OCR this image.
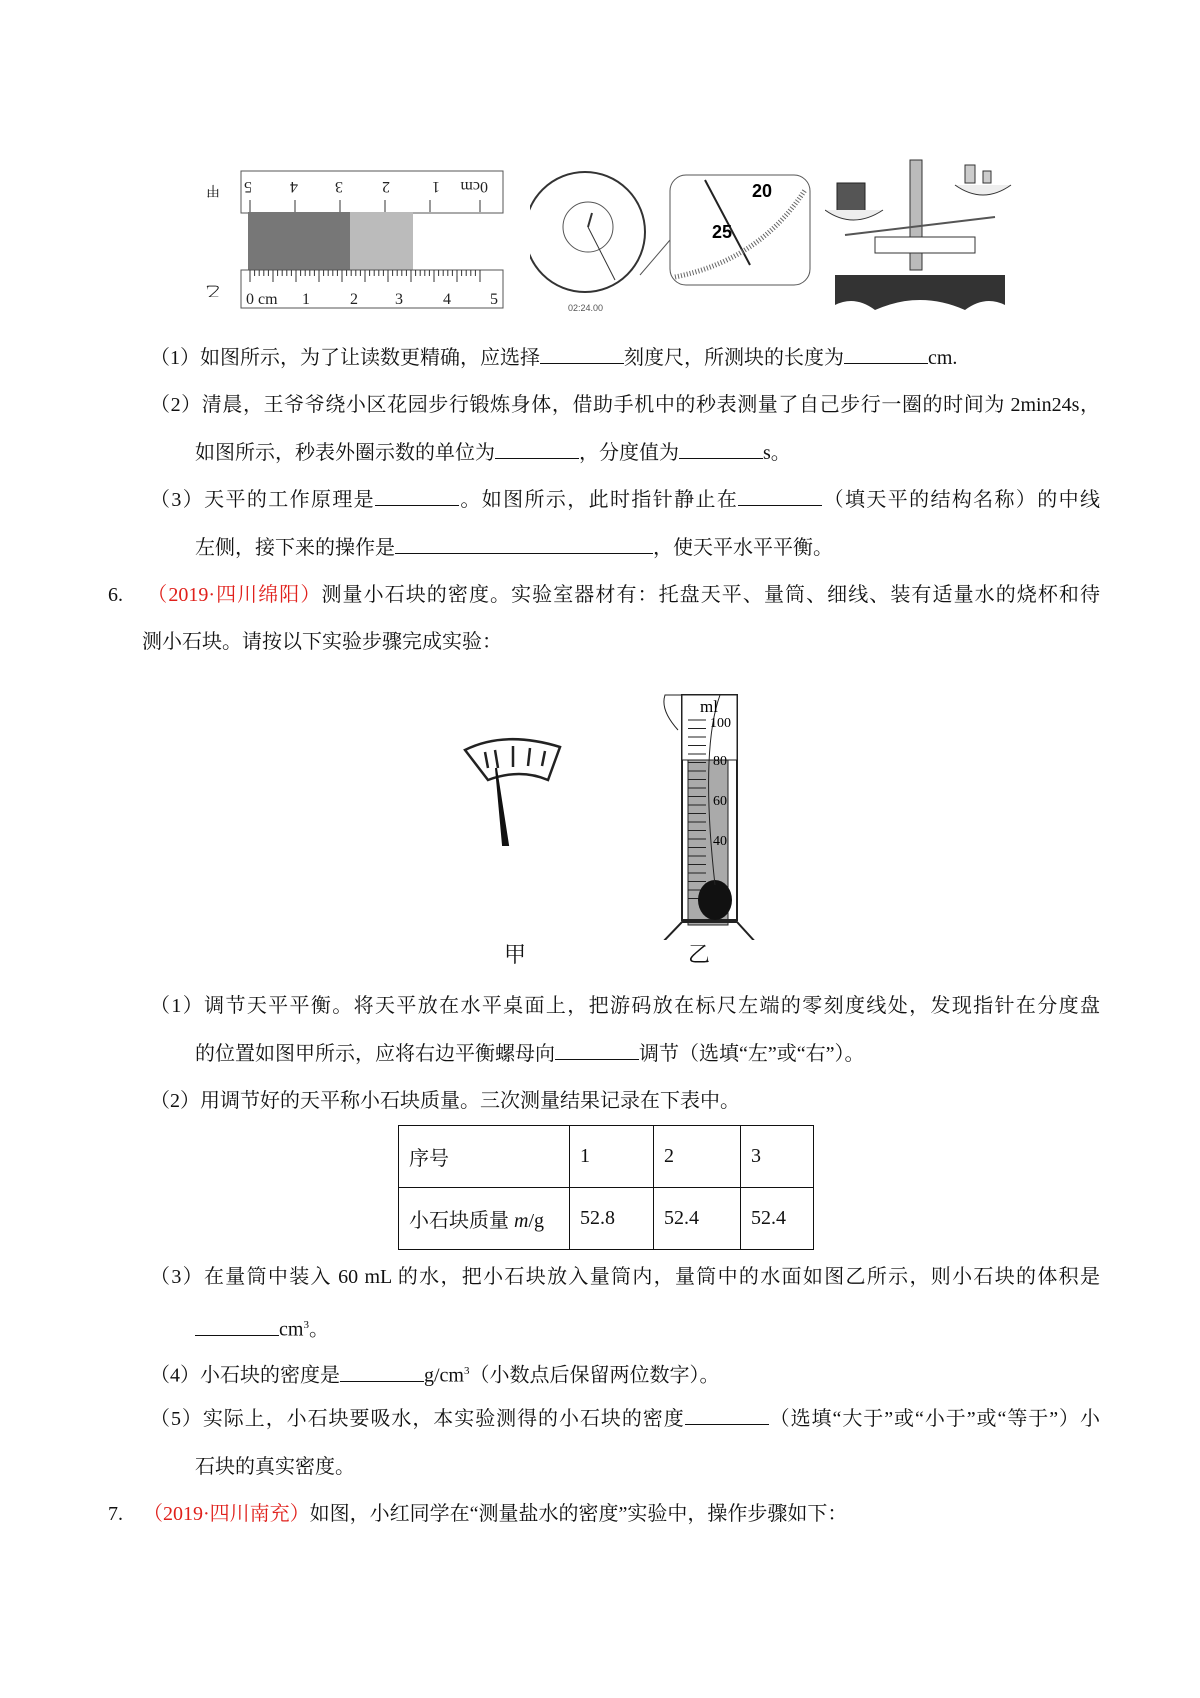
甲
乙
0cm
1
2
3
4
5
0 cm 1	2 3	4 5
20
25
02:24.00
（1）如图所示，为了让读数更精确，应选择	刻度尺，所测块的长度为	cm.
（2）清晨，王爷爷绕小区花园步行锻炼身体，借助手机中的秒表测量了自己步行一圈的时间为 2min24s，
如图所示，秒表外圈示数的单位为	，分度值为	s。
（3）天平的工作原理是	。如图所示，此时指针静止在	（填天平的结构名称）的中线
左侧，接下来的操作是	，使天平水平平衡。
6. （2019·四川绵阳）测量小石块的密度。实验室器材有：托盘天平、量筒、细线、装有适量水的烧杯和待
测小石块。请按以下实验步骤完成实验：
ml
100
80
60
40
甲	乙
（1）调节天平平衡。将天平放在水平桌面上，把游码放在标尺左端的零刻度线处，发现指针在分度盘
的位置如图甲所示，应将右边平衡螺母向	调节（选填“左”或“右”）。
（2）用调节好的天平称小石块质量。三次测量结果记录在下表中。
序号	1	2	3
小石块质量 m/g	52.8	52.4	52.4
（3）在量筒中装入 60 mL 的水，把小石块放入量筒内，量筒中的水面如图乙所示，则小石块的体积是
$cm^3$。
（4）小石块的密度是	$g/cm^3$（小数点后保留两位数字）。
（5）实际上，小石块要吸水，本实验测得的小石块的密度	（选填“大于”或“小于”或“等于”）小
石块的真实密度。
7. （2019·四川南充）如图，小红同学在“测量盐水的密度”实验中，操作步骤如下：
